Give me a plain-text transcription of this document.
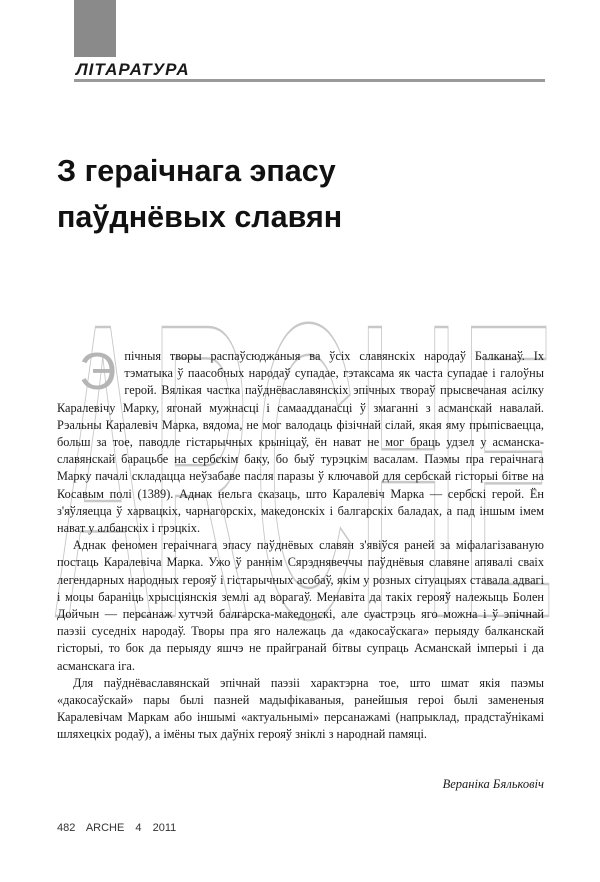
ЛІТАРАТУРА
З гераічнага эпасу
паўднёвых славян
ARCHE

Эпічныя творы распаўсюджаныя ва ўсіх славянскіх народаў Балканаў. Іх тэматыка ў паасобных народаў супадае, гэтаксама як часта супадае і галоўны герой. Вялікая частка паўднёваславянскіх эпічных твораў прысвечаная асілку Каралевічу Марку, ягонай мужнасці і самаадданасці ў змаганні з асманскай навалай. Рэальны Каралевіч Марка, вядома, не мог валодаць фізічнай сілай, якая яму прыпісваецца, больш за тое, паводле гістарычных крыніцаў, ён нават не мог браць удзел у асманска-славянскай барацьбе на сербскім баку, бо быў турэцкім васалам. Паэмы пра гераічнага Марку пачалі складацца неўзабаве пасля паразы ў ключавой для сербскай гісторыі бітве на Косавым полі (1389). Аднак нельга сказаць, што Каралевіч Марка — сербскі герой. Ён з'яўляецца ў харвацкіх, чарнагорскіх, македонскіх і балгарскіх баладах, а пад іншым імем нават у албанскіх і грэцкіх.

Аднак феномен гераічнага эпасу паўднёвых славян з'явіўся раней за міфалагізаваную постаць Каралевіча Марка. Ужо ў раннім Сярэднявеччы паўднёвыя славяне апявалі сваіх легендарных народных герояў і гістарычных асобаў, якім у розных сітуацыях ставала адвагі і моцы бараніць хрысціянскія землі ад ворагаў. Менавіта да такіх герояў належыць Болен Дойчын — персанаж хутчэй балгарска-македонскі, але суастрэць яго можна і ў эпічнай паэзіі суседніх народаў. Творы пра яго належаць да «дакосаўскага» перыяду балканскай гісторыі, то бок да перыяду яшчэ не прайгранай бітвы супраць Асманскай імперыі і да асманскага іга.

Для паўднёваславянскай эпічнай паэзіі характэрна тое, што шмат якія паэмы «дакосаўскай» пары былі пазней мадыфікаваныя, ранейшыя героі былі замененыя Каралевічам Маркам або іншымі «актуальнымі» персанажамі (напрыклад, прадстаўнікамі шляхецкіх родаў), а імёны тых даўніх герояў зніклі з народнай памяці.

Вераніка Бяльковіч
482 ARCHE 4 2011
